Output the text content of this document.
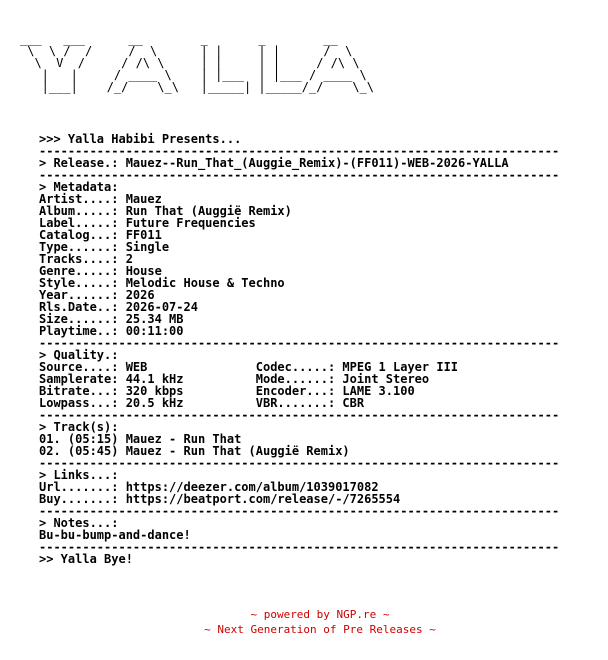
___   ___      __        _       _        __
\  \ /  /     /  \      | |     | |      /  \
\  V  /     / /\ \     | |     | |     / /\ \
|   |     / ____ \    | |___  | |___ / ____ \
|___|    /_/    \_\   |_____| |_____/_/    \_\
>>> Yalla Habibi Presents...
------------------------------------------------------------------------
> Release.: Mauez--Run_That_(Auggie_Remix)-(FF011)-WEB-2026-YALLA
------------------------------------------------------------------------
> Metadata:
Artist....: Mauez
Album.....: Run That (Auggië Remix)
Label.....: Future Frequencies
Catalog...: FF011
Type......: Single
Tracks....: 2
Genre.....: House
Style.....: Melodic House & Techno
Year......: 2026
Rls.Date..: 2026-07-24
Size......: 25.34 MB
Playtime..: 00:11:00
------------------------------------------------------------------------
> Quality.:
Source....: WEB               Codec.....: MPEG 1 Layer III
Samplerate: 44.1 kHz          Mode......: Joint Stereo
Bitrate...: 320 kbps          Encoder...: LAME 3.100
Lowpass...: 20.5 kHz          VBR.......: CBR
------------------------------------------------------------------------
> Track(s):
01. (05:15) Mauez - Run That
02. (05:45) Mauez - Run That (Auggië Remix)
------------------------------------------------------------------------
> Links...:
Url.......: https://deezer.com/album/1039017082
Buy.......: https://beatport.com/release/-/7265554
------------------------------------------------------------------------
> Notes...:
Bu-bu-bump-and-dance!
------------------------------------------------------------------------
>> Yalla Bye!
~ powered by NGP.re ~
~ Next Generation of Pre Releases ~
